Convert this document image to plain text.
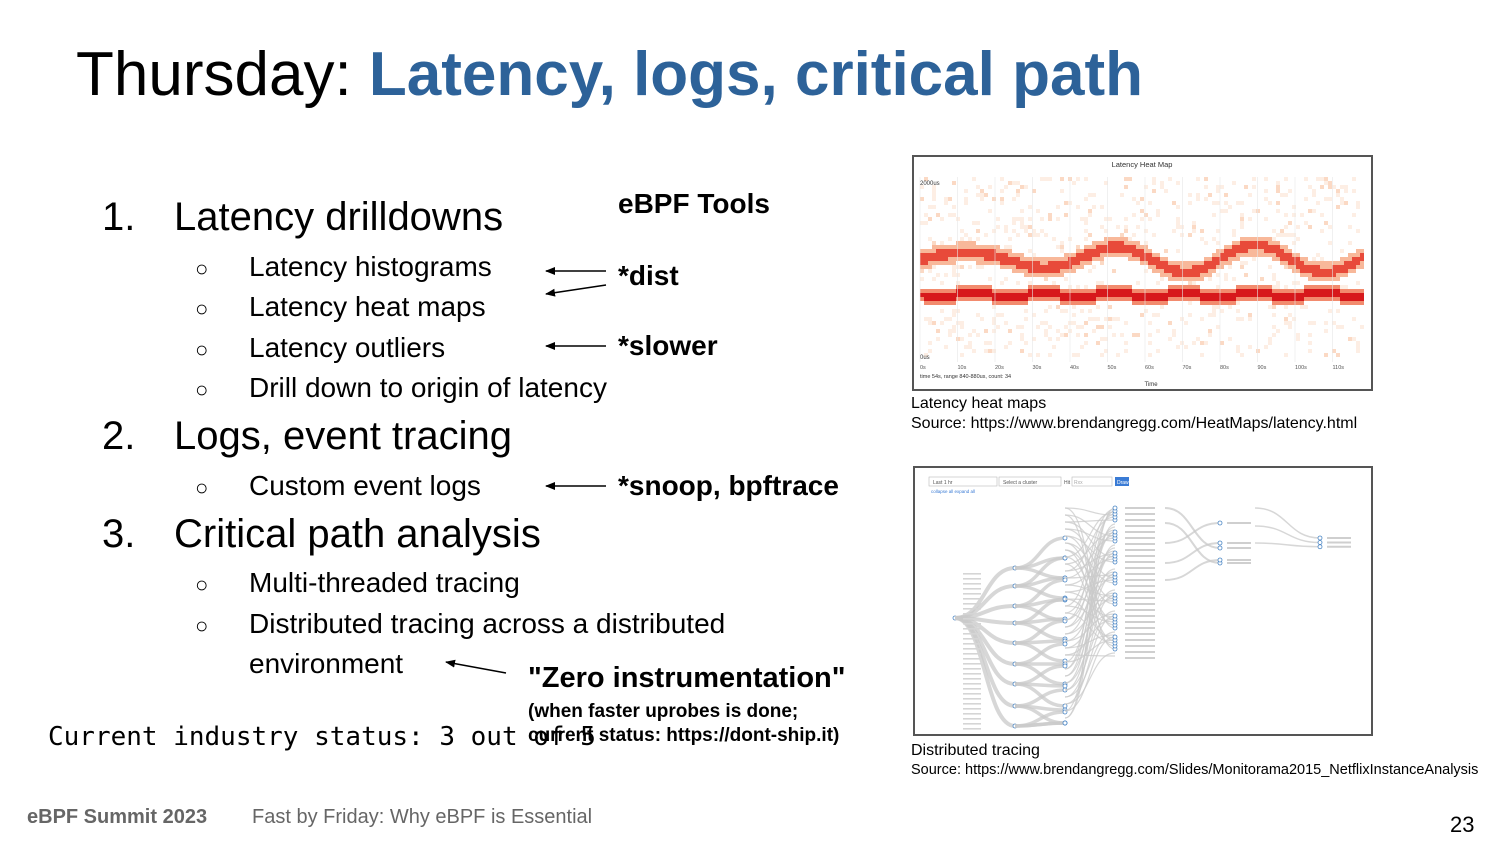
Thursday: Latency, logs, critical path
1. Latency drilldowns
○ Latency histograms
○ Latency heat maps
○ Latency outliers
○ Drill down to origin of latency
2. Logs, event tracing
○ Custom event logs
3. Critical path analysis
○ Multi-threaded tracing
○ Distributed tracing across a distributed
environment
eBPF Tools
*dist
*slower
*snoop, bpftrace
"Zero instrumentation"
(when faster uprobes is done;
current status: https://dont-ship.it)
Current industry status: 3 out of 5
Latency Heat Map
2000us
0us
0s	10s	20s	30s	40s	50s	60s	70s	80s	90s	100s	110s
time 54s, range 840-880us, count: 34
Time
Latency heat maps
Source: https://www.brendangregg.com/HeatMaps/latency.html
Last 1 hr	Select a cluster	Hit Rxx	Draw
collapse all expand all
Distributed tracing
Source: https://www.brendangregg.com/Slides/Monitorama2015_NetflixInstanceAnalysis
eBPF Summit 2023 Fast by Friday: Why eBPF is Essential	23
